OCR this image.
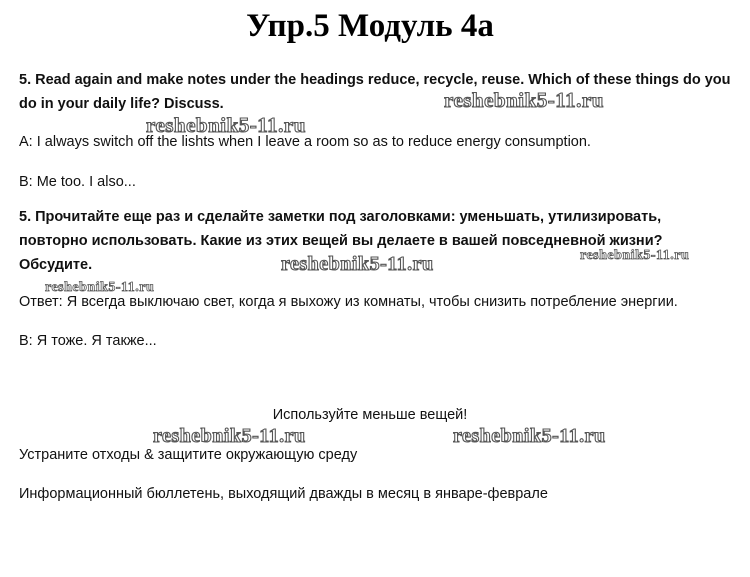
Упр.5 Модуль 4а
5. Read again and make notes under the headings reduce, recycle, reuse. Which of these things do you
do in your daily life? Discuss.
A: I always switch off the lishts when I leave a room so as to reduce energy consumption.
B: Me too. I also...
5. Прочитайте еще раз и сделайте заметки под заголовками: уменьшать, утилизировать,
повторно использовать. Какие из этих вещей вы делаете в вашей повседневной жизни?
Обсудите.
Ответ: Я всегда выключаю свет, когда я выхожу из комнаты, чтобы снизить потребление энергии.
В: Я тоже. Я также...
Используйте меньше вещей!
Устраните отходы & защитите окружающую среду
Информационный бюллетень, выходящий дважды в месяц в январе-феврале
reshebnik5-11.ru
reshebnik5-11.ru
reshebnik5-11.ru	reshebnik5-11.ru
reshebnik5-11.ru
reshebnik5-11.ru	reshebnik5-11.ru
